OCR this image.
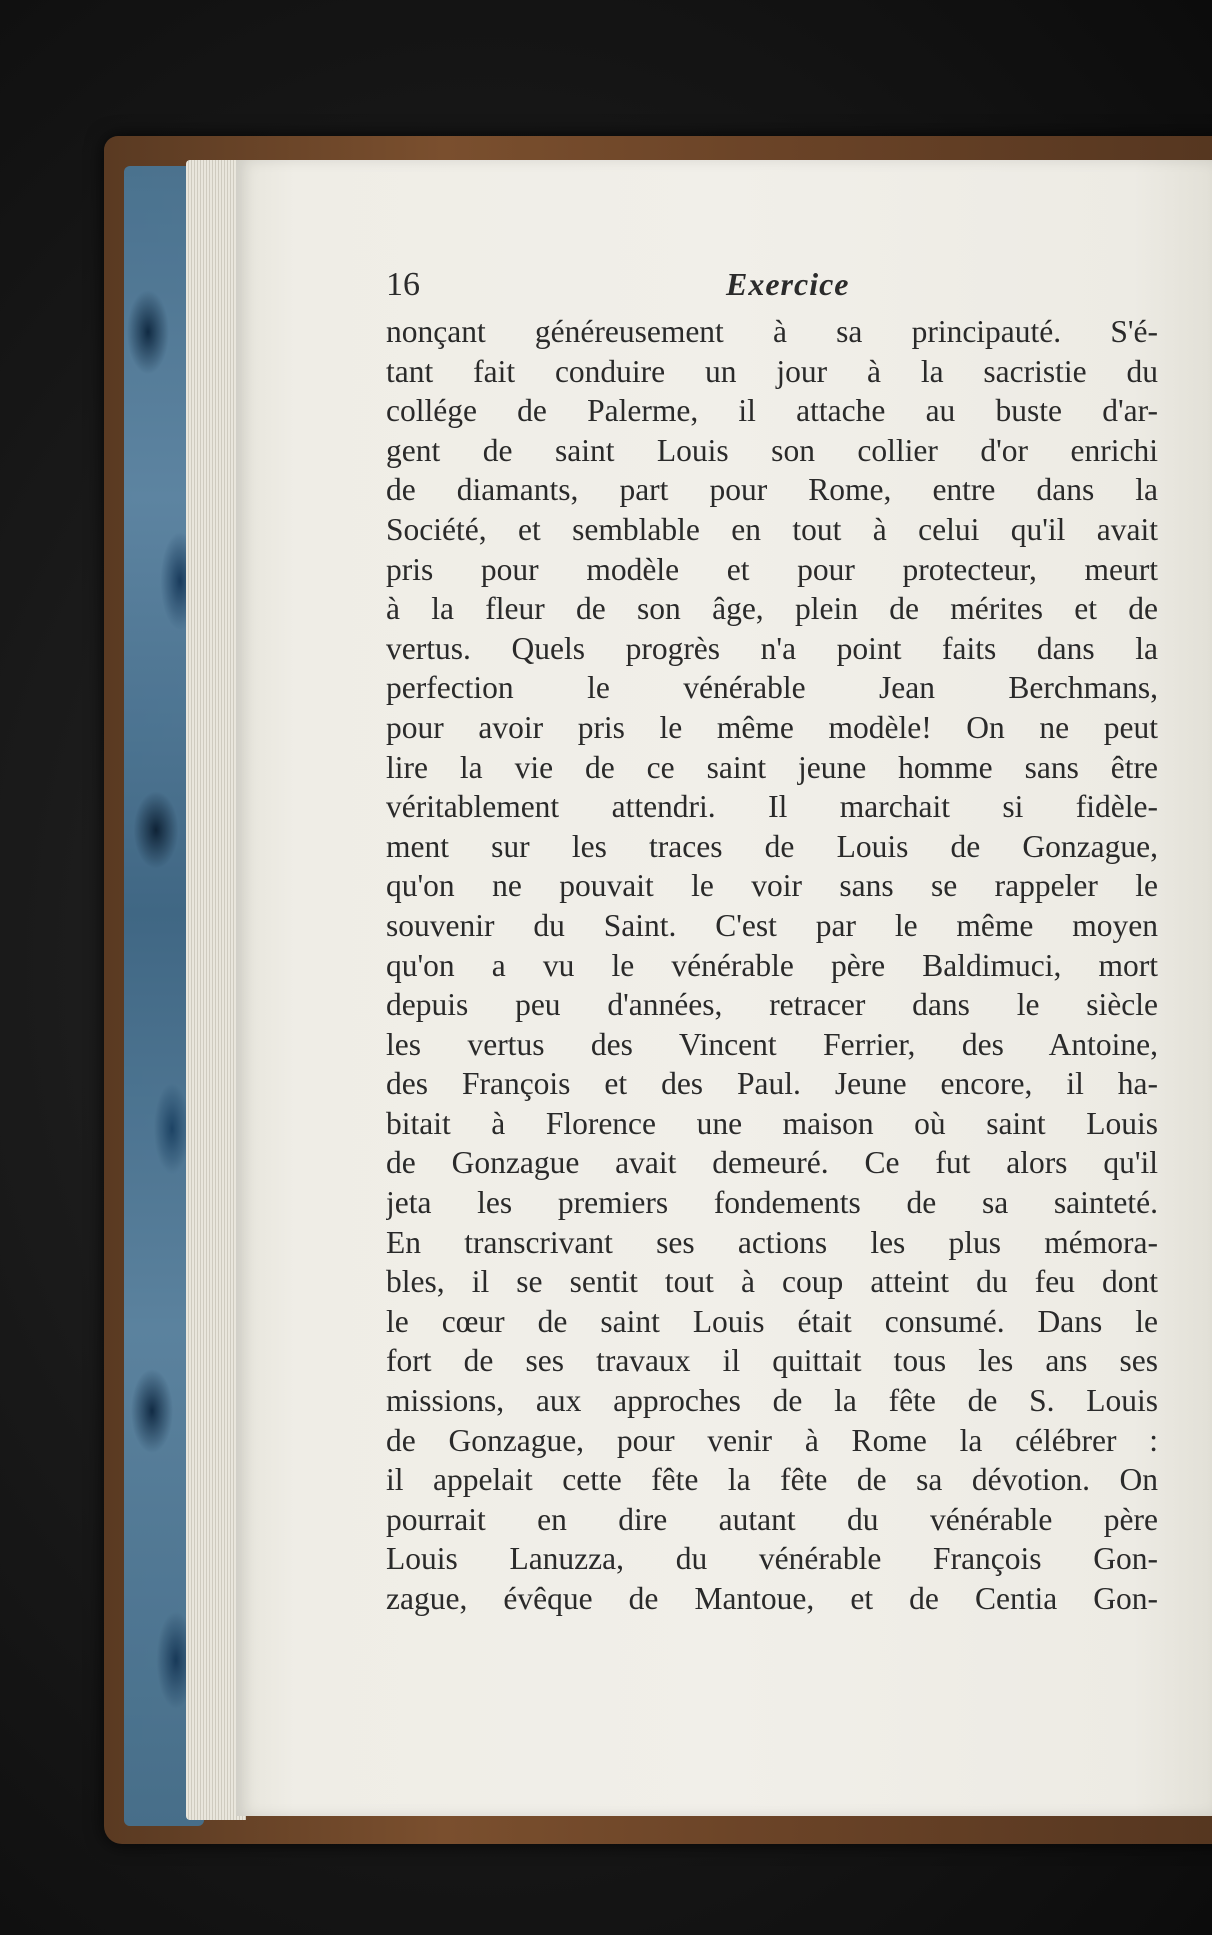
16	Exercice
nonçant généreusement à sa principauté. S'é-
tant fait conduire un jour à la sacristie du
collége de Palerme, il attache au buste d'ar-
gent de saint Louis son collier d'or enrichi
de diamants, part pour Rome, entre dans la
Société, et semblable en tout à celui qu'il avait
pris pour modèle et pour protecteur, meurt
à la fleur de son âge, plein de mérites et de
vertus. Quels progrès n'a point faits dans la
perfection le vénérable Jean Berchmans,
pour avoir pris le même modèle! On ne peut
lire la vie de ce saint jeune homme sans être
véritablement attendri. Il marchait si fidèle-
ment sur les traces de Louis de Gonzague,
qu'on ne pouvait le voir sans se rappeler le
souvenir du Saint. C'est par le même moyen
qu'on a vu le vénérable père Baldimuci, mort
depuis peu d'années, retracer dans le siècle
les vertus des Vincent Ferrier, des Antoine,
des François et des Paul. Jeune encore, il ha-
bitait à Florence une maison où saint Louis
de Gonzague avait demeuré. Ce fut alors qu'il
jeta les premiers fondements de sa sainteté.
En transcrivant ses actions les plus mémora-
bles, il se sentit tout à coup atteint du feu dont
le cœur de saint Louis était consumé. Dans le
fort de ses travaux il quittait tous les ans ses
missions, aux approches de la fête de S. Louis
de Gonzague, pour venir à Rome la célébrer :
il appelait cette fête la fête de sa dévotion. On
pourrait en dire autant du vénérable père
Louis Lanuzza, du vénérable François Gon-
zague, évêque de Mantoue, et de Centia Gon-
